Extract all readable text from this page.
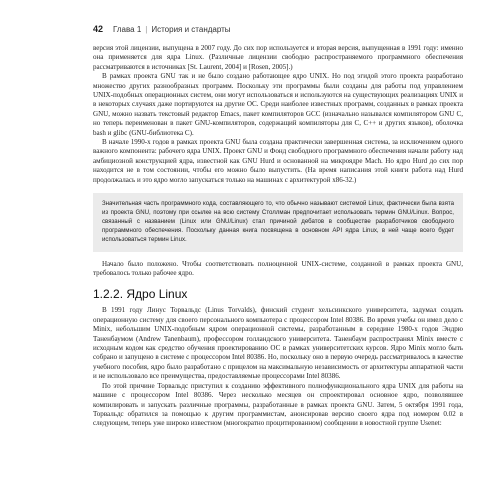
42	Глава 1 | История и стандарты

версия этой лицензии, выпущена в 2007 году. До сих пор используется и вторая версия, выпущенная в 1991 году: именно она применяется для ядра Linux. (Различные лицензии свободно распространяемого программного обеспечения рассматриваются в источниках [St. Laurent, 2004] и [Rosen, 2005].)

В рамках проекта GNU так и не было создано работающее ядро UNIX. Но под эгидой этого проекта разработано множество других разнообразных программ. Поскольку эти программы были созданы для работы под управлением UNIX-подобных операционных систем, они могут использоваться и используются на существующих реализациях UNIX и в некоторых случаях даже портируются на другие ОС. Среди наиболее известных программ, созданных в рамках проекта GNU, можно назвать текстовый редактор Emacs, пакет компиляторов GCC (изначально назывался компилятором GNU C, но теперь переименован в пакет GNU-компиляторов, содержащий компиляторы для C, C++ и других языков), оболочка bash и glibc (GNU-библиотека C).

В начале 1990-х годов в рамках проекта GNU была создана практически завершенная система, за исключением одного важного компонента: рабочего ядра UNIX. Проект GNU и Фонд свободного программного обеспечения начали работу над амбициозной конструкцией ядра, известной как GNU Hurd и основанной на микроядре Mach. Но ядро Hurd до сих пор находится не в том состоянии, чтобы его можно было выпустить. (На время написания этой книги работа над Hurd продолжалась и это ядро могло запускаться только на машинах с архитектурой x86-32.)

Значительная часть программного кода, составляющего то, что обычно называют системой Linux, фактически была взята из проекта GNU, поэтому при ссылке на всю систему Столлман предпочитает использовать термин GNU/Linux. Вопрос, связанный с названием (Linux или GNU/Linux) стал причиной дебатов в сообществе разработчиков свободного программного обеспечения. Поскольку данная книга посвящена в основном API ядра Linux, в ней чаще всего будет использоваться термин Linux.

Начало было положено. Чтобы соответствовать полноценной UNIX-системе, созданной в рамках проекта GNU, требовалось только рабочее ядро.

1.2.2. Ядро Linux

В 1991 году Линус Торвальдс (Linus Torvalds), финский студент хельсинкского университета, задумал создать операционную систему для своего персонального компьютера с процессором Intel 80386. Во время учебы он имел дело с Minix, небольшим UNIX-подобным ядром операционной системы, разработанным в середине 1980-х годов Эндрю Таненбаумом (Andrew Tanenbaum), профессором голландского университета. Таненбаум распространял Minix вместе с исходным кодом как средство обучения проектированию ОС в рамках университетских курсов. Ядро Minix могло быть собрано и запущено в системе с процессором Intel 80386. Но, поскольку оно в первую очередь рассматривалось в качестве учебного пособия, ядро было разработано с прицелом на максимальную независимость от архитектуры аппаратной части и не использовало все преимущества, предоставляемые процессорами Intel 80386.

По этой причине Торвальдс приступил к созданию эффективного полнофункционального ядра UNIX для работы на машине с процессором Intel 80386. Через несколько месяцев он спроектировал основное ядро, позволявшее компилировать и запускать различные программы, разработанные в рамках проекта GNU. Затем, 5 октября 1991 года, Торвальдс обратился за помощью к другим программистам, анонсировав версию своего ядра под номером 0.02 в следующем, теперь уже широко известном (многократно процитированном) сообщении в новостной группе Usenet:
